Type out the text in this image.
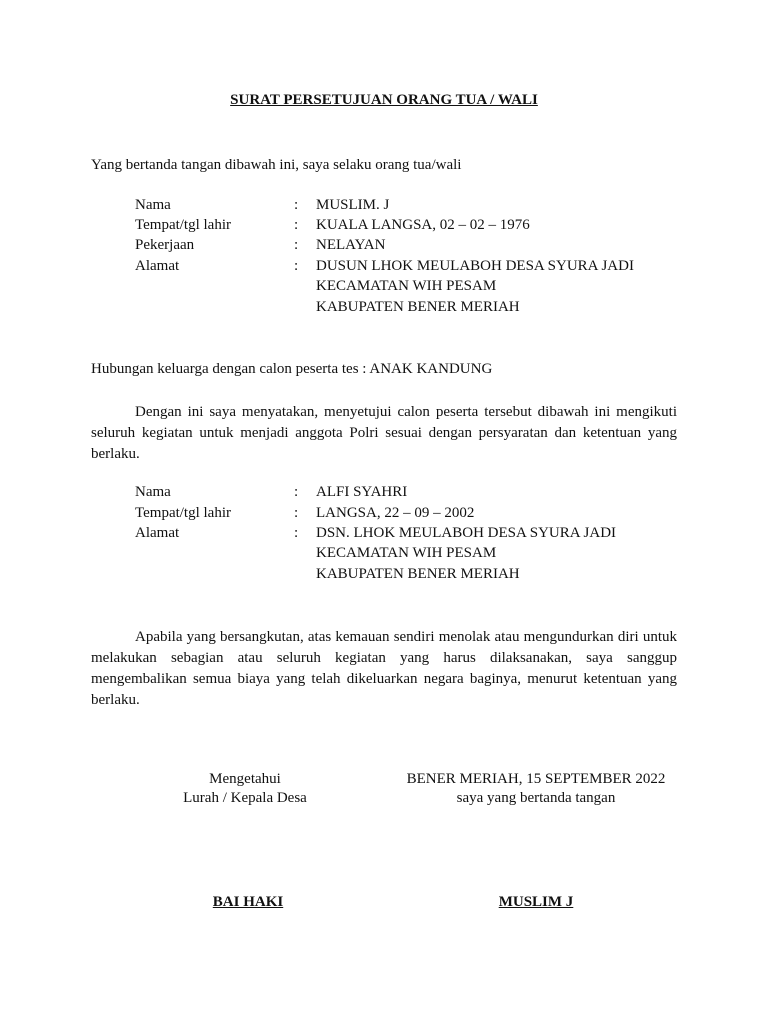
SURAT PERSETUJUAN ORANG TUA / WALI
Yang bertanda tangan dibawah ini, saya selaku orang tua/wali
Nama	: MUSLIM. J
Tempat/tgl lahir	: KUALA LANGSA, 02 – 02 – 1976
Pekerjaan	: NELAYAN
Alamat	: DUSUN LHOK MEULABOH DESA SYURA JADI
KECAMATAN WIH PESAM
KABUPATEN BENER MERIAH
Hubungan keluarga dengan calon peserta tes : ANAK KANDUNG
Dengan ini saya menyatakan, menyetujui calon peserta tersebut dibawah ini mengikuti seluruh kegiatan untuk menjadi anggota Polri sesuai dengan persyaratan dan ketentuan yang berlaku.
Nama	: ALFI SYAHRI
Tempat/tgl lahir	: LANGSA, 22 – 09 – 2002
Alamat	: DSN. LHOK MEULABOH DESA SYURA JADI
KECAMATAN WIH PESAM
KABUPATEN BENER MERIAH
Apabila yang bersangkutan, atas kemauan sendiri menolak atau mengundurkan diri untuk melakukan sebagian atau seluruh kegiatan yang harus dilaksanakan, saya sanggup mengembalikan semua biaya yang telah dikeluarkan negara baginya, menurut ketentuan yang berlaku.
Mengetahui
Lurah / Kepala Desa
BENER MERIAH, 15 SEPTEMBER 2022
saya yang bertanda tangan
BAI HAKI	MUSLIM J
